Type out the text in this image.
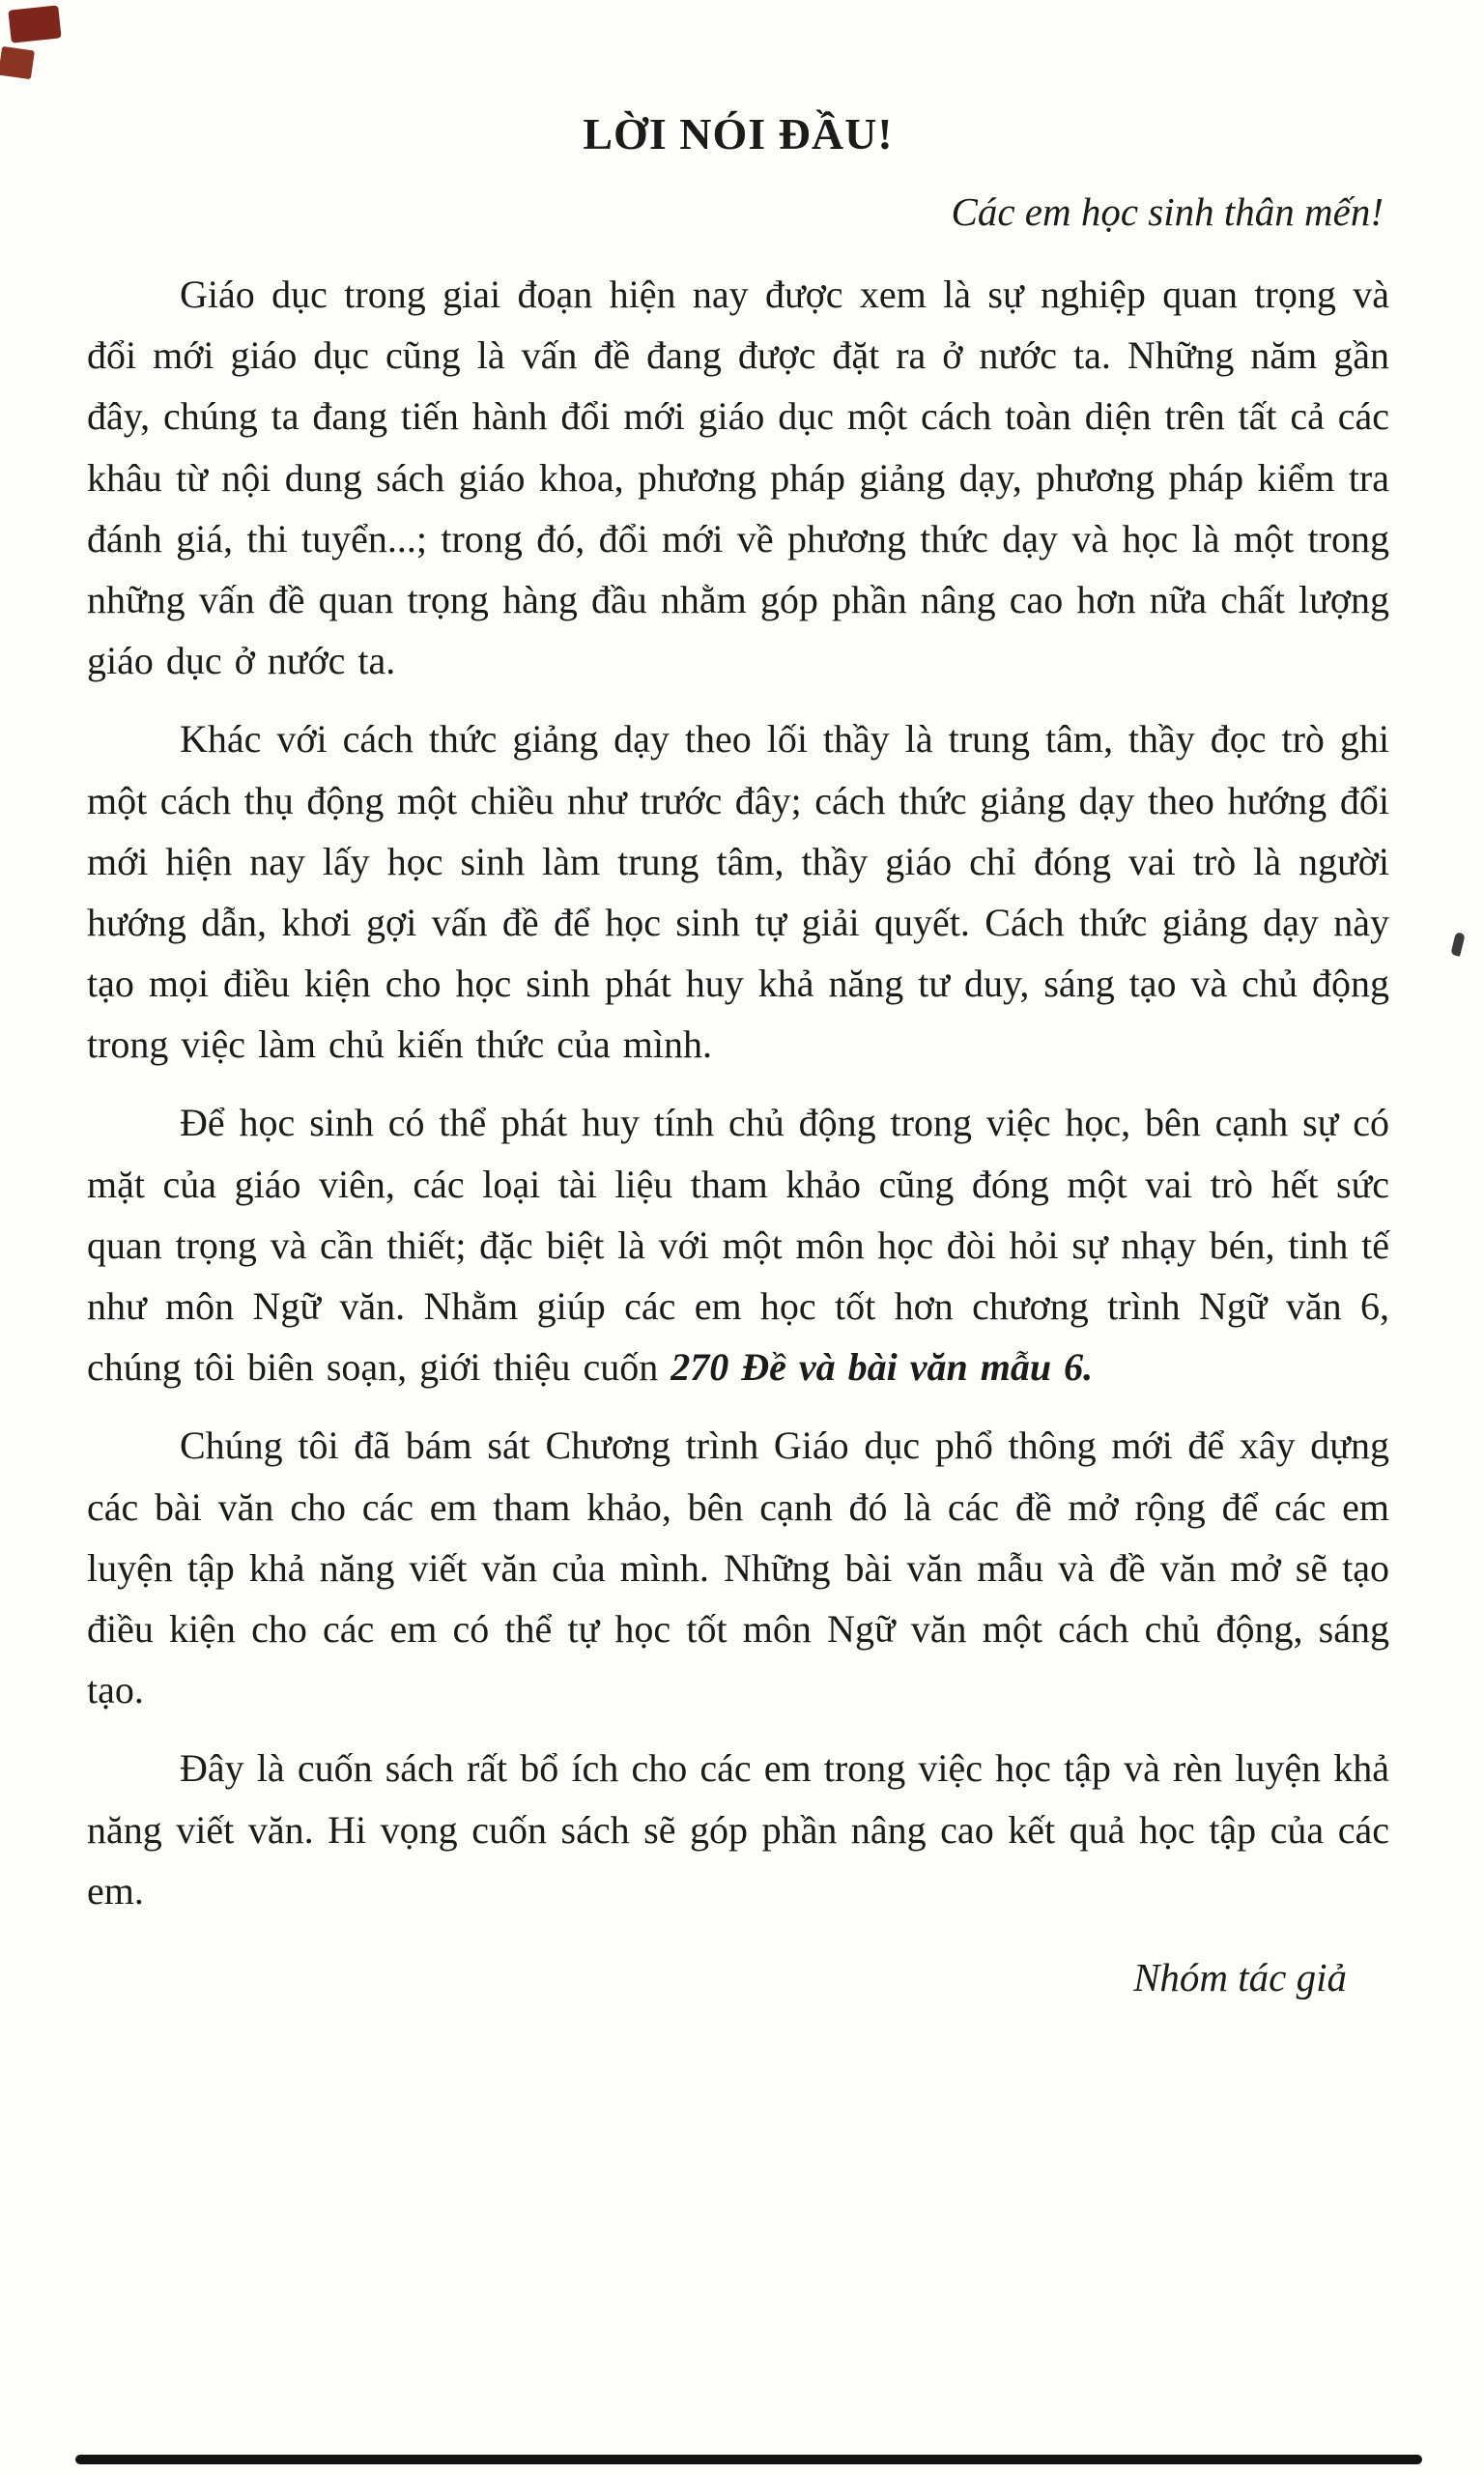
LỜI NÓI ĐẦU!

Các em học sinh thân mến!

Giáo dục trong giai đoạn hiện nay được xem là sự nghiệp quan trọng và đổi mới giáo dục cũng là vấn đề đang được đặt ra ở nước ta. Những năm gần đây, chúng ta đang tiến hành đổi mới giáo dục một cách toàn diện trên tất cả các khâu từ nội dung sách giáo khoa, phương pháp giảng dạy, phương pháp kiểm tra đánh giá, thi tuyển...; trong đó, đổi mới về phương thức dạy và học là một trong những vấn đề quan trọng hàng đầu nhằm góp phần nâng cao hơn nữa chất lượng giáo dục ở nước ta.

Khác với cách thức giảng dạy theo lối thầy là trung tâm, thầy đọc trò ghi một cách thụ động một chiều như trước đây; cách thức giảng dạy theo hướng đổi mới hiện nay lấy học sinh làm trung tâm, thầy giáo chỉ đóng vai trò là người hướng dẫn, khơi gợi vấn đề để học sinh tự giải quyết. Cách thức giảng dạy này tạo mọi điều kiện cho học sinh phát huy khả năng tư duy, sáng tạo và chủ động trong việc làm chủ kiến thức của mình.

Để học sinh có thể phát huy tính chủ động trong việc học, bên cạnh sự có mặt của giáo viên, các loại tài liệu tham khảo cũng đóng một vai trò hết sức quan trọng và cần thiết; đặc biệt là với một môn học đòi hỏi sự nhạy bén, tinh tế như môn Ngữ văn. Nhằm giúp các em học tốt hơn chương trình Ngữ văn 6, chúng tôi biên soạn, giới thiệu cuốn 270 Đề và bài văn mẫu 6.

Chúng tôi đã bám sát Chương trình Giáo dục phổ thông mới để xây dựng các bài văn cho các em tham khảo, bên cạnh đó là các đề mở rộng để các em luyện tập khả năng viết văn của mình. Những bài văn mẫu và đề văn mở sẽ tạo điều kiện cho các em có thể tự học tốt môn Ngữ văn một cách chủ động, sáng tạo.

Đây là cuốn sách rất bổ ích cho các em trong việc học tập và rèn luyện khả năng viết văn. Hi vọng cuốn sách sẽ góp phần nâng cao kết quả học tập của các em.

Nhóm tác giả
